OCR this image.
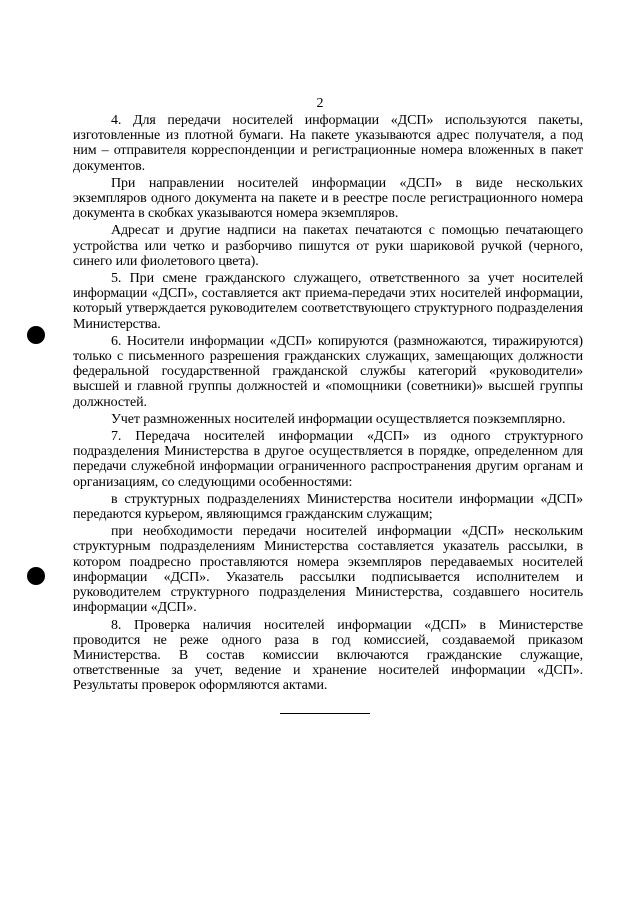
2

4. Для передачи носителей информации «ДСП» используются пакеты, изготовленные из плотной бумаги. На пакете указываются адрес получателя, а под ним – отправителя корреспонденции и регистрационные номера вложенных в пакет документов.

При направлении носителей информации «ДСП» в виде нескольких экземпляров одного документа на пакете и в реестре после регистрационного номера документа в скобках указываются номера экземпляров.

Адресат и другие надписи на пакетах печатаются с помощью печатающего устройства или четко и разборчиво пишутся от руки шариковой ручкой (черного, синего или фиолетового цвета).

5. При смене гражданского служащего, ответственного за учет носителей информации «ДСП», составляется акт приема-передачи этих носителей информации, который утверждается руководителем соответствующего структурного подразделения Министерства.

6. Носители информации «ДСП» копируются (размножаются, тиражируются) только с письменного разрешения гражданских служащих, замещающих должности федеральной государственной гражданской службы категорий «руководители» высшей и главной группы должностей и «помощники (советники)» высшей группы должностей.

Учет размноженных носителей информации осуществляется поэкземплярно.

7. Передача носителей информации «ДСП» из одного структурного подразделения Министерства в другое осуществляется в порядке, определенном для передачи служебной информации ограниченного распространения другим органам и организациям, со следующими особенностями:

в структурных подразделениях Министерства носители информации «ДСП» передаются курьером, являющимся гражданским служащим;

при необходимости передачи носителей информации «ДСП» нескольким структурным подразделениям Министерства составляется указатель рассылки, в котором поадресно проставляются номера экземпляров передаваемых носителей информации «ДСП». Указатель рассылки подписывается исполнителем и руководителем структурного подразделения Министерства, создавшего носитель информации «ДСП».

8. Проверка наличия носителей информации «ДСП» в Министерстве проводится не реже одного раза в год комиссией, создаваемой приказом Министерства. В состав комиссии включаются гражданские служащие, ответственные за учет, ведение и хранение носителей информации «ДСП». Результаты проверок оформляются актами.
